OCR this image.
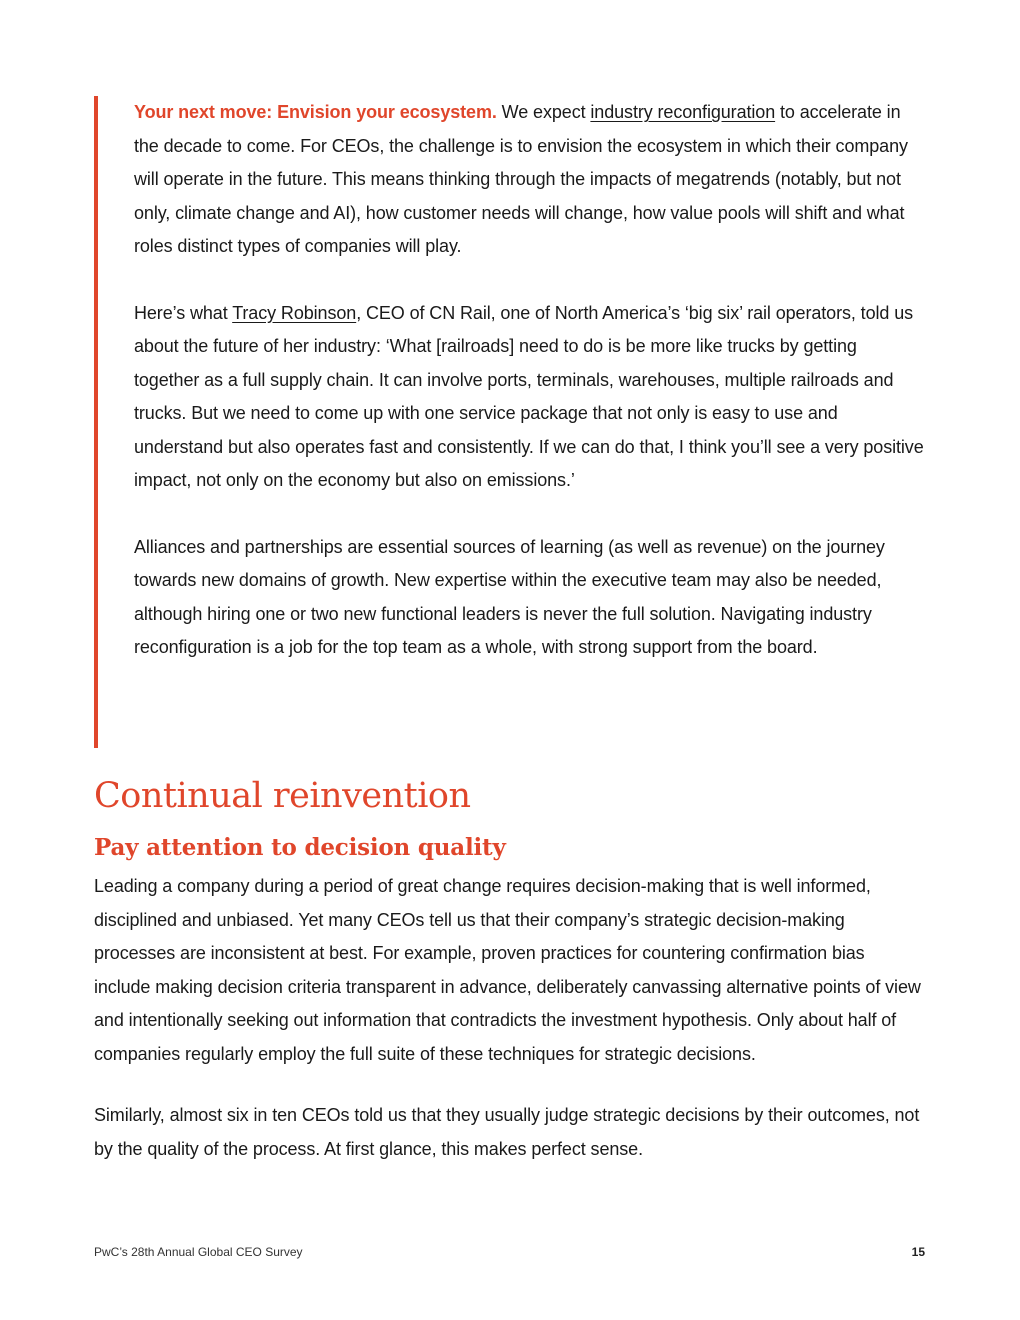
Your next move: Envision your ecosystem. We expect industry reconfiguration to accelerate in the decade to come. For CEOs, the challenge is to envision the ecosystem in which their company will operate in the future. This means thinking through the impacts of megatrends (notably, but not only, climate change and AI), how customer needs will change, how value pools will shift and what roles distinct types of companies will play.

Here’s what Tracy Robinson, CEO of CN Rail, one of North America’s ‘big six’ rail operators, told us about the future of her industry: ‘What [railroads] need to do is be more like trucks by getting together as a full supply chain. It can involve ports, terminals, warehouses, multiple railroads and trucks. But we need to come up with one service package that not only is easy to use and understand but also operates fast and consistently. If we can do that, I think you’ll see a very positive impact, not only on the economy but also on emissions.’

Alliances and partnerships are essential sources of learning (as well as revenue) on the journey towards new domains of growth. New expertise within the executive team may also be needed, although hiring one or two new functional leaders is never the full solution. Navigating industry reconfiguration is a job for the top team as a whole, with strong support from the board.

Continual reinvention
Pay attention to decision quality

Leading a company during a period of great change requires decision-making that is well informed, disciplined and unbiased. Yet many CEOs tell us that their company’s strategic decision-making processes are inconsistent at best. For example, proven practices for countering confirmation bias include making decision criteria transparent in advance, deliberately canvassing alternative points of view and intentionally seeking out information that contradicts the investment hypothesis. Only about half of companies regularly employ the full suite of these techniques for strategic decisions.

Similarly, almost six in ten CEOs told us that they usually judge strategic decisions by their outcomes, not by the quality of the process. At first glance, this makes perfect sense.

PwC’s 28th Annual Global CEO Survey	15
